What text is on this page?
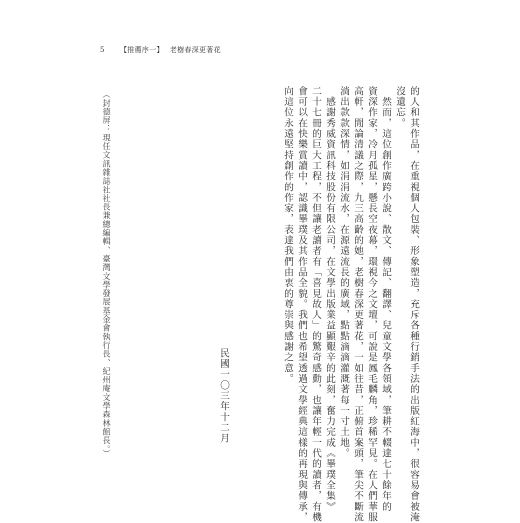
5	【推薦序一】 老樹春深更著花
的人和其作品，在重視個人包裝、形象塑造，充斥各種行銷手法的出版紅海中，很容易會被淹
沒遺忘。
　然而，這位創作廣跨小說、散文、傳記、翻譯、兒童文學各領域，筆耕不輟達七十餘年的
資深作家，冷月孤星，懸長空夜幕，環視今之文壇，可說是鳳毛麟角，珍稀罕見。在人們華服
高軒，閒論清議之際，九三高齡的她，老樹春深更著花，一如往昔，正俯首案頭，筆尖不斷流
淌出款款深情，如涓涓流水，在源遠流長的廣域，點點滴滴灌溉著每一寸土地。
　感謝秀威資訊科技股份有限公司，在文學出版業益顯艱辛的此刻，奮力完成《畢璞全集》
二十七冊的巨大工程，不但讓老讀者有「喜見故人」的驚奇感動，也讓年輕一代的讀者，有機
會可以在快樂賞讀中，認識畢璞及其作品全貌。我們也希望透過文學經典這樣的再現與傳承，
向這位永遠堅持創作的作家，表達我們由衷的尊崇與感謝之意。
民國一〇三年十二月
（封德屏：現任文訊雜誌社社長兼總編輯、臺灣文學發展基金會執行長、紀州庵文學森林館長。）
